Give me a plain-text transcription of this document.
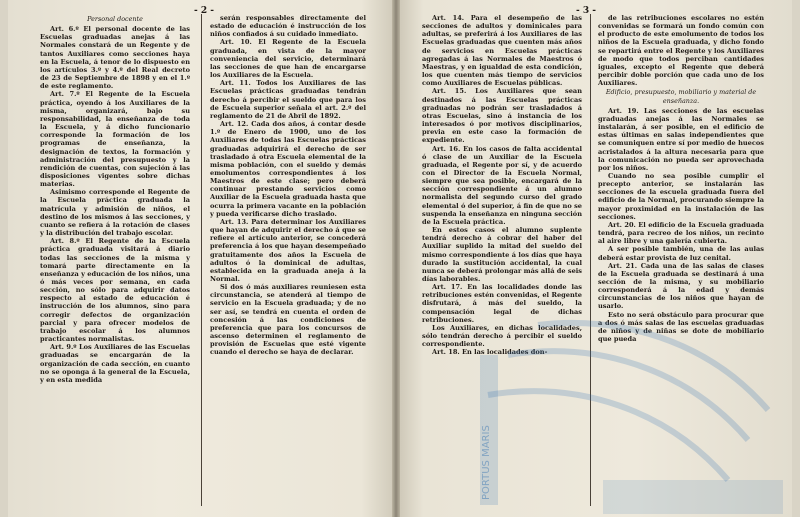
- 2 -

Personal docente

Art. 6.º El personal docente de las Escuelas graduadas anejas á las Normales constará de un Regente y de tantos Auxiliares como secciones haya en la Escuela, á tenor de lo dispuesto en los artículos 3.º y 4.º del Real decreto de 23 de Septiembre de 1898 y en el 1.º de este reglamento.

Art. 7.º El Regente de la Escuela práctica, oyendo á los Auxiliares de la misma, organizará, bajo su responsabilidad, la enseñanza de toda la Escuela, y á dicho funcionario corresponde la formación de los programas de enseñanza, la designación de textos, la formación y administración del presupuesto y la rendición de cuentas, con sujeción á las disposiciones vigentes sobre dichas materias.

Asimismo corresponde el Regente de la Escuela práctica graduada la matrícula y admisión de niños, el destino de los mismos á las secciones, y cuanto se refiera á la rotación de clases y la distribución del trabajo escolar.

Art. 8.º El Regente de la Escuela práctica graduada visitará á diario todas las secciones de la misma y tomará parte directamente en la enseñanza y educación de los niños, una ó más veces por semana, en cada sección, no sólo para adquirir datos respecto al estado de educación é instrucción de los alumnos, sino para corregir defectos de organización parcial y para ofrecer modelos de trabajo escolar á los alumnos practicantes normalistas.

Art. 9.º Los Auxiliares de las Escuelas graduadas se encargarán de la organización de cada sección, en cuanto no se oponga á la general de la Escuela, y en esta medida

serán responsables directamente del estado de educación é instrucción de los niños confiados á su cuidado inmediato.

Art. 10. El Regente de la Escuela graduada, en vista de la mayor conveniencia del servicio, determinará las secciones de que han de encargarse los Auxiliares de la Escuela.

Art. 11. Todos los Auxiliares de las Escuelas prácticas graduadas tendrán derecho á percibir el sueldo que para los de Escuela superior señala el art. 2.º del reglamento de 21 de Abril de 1892.

Art. 12. Cada dos años, á contar desde 1.º de Enero de 1900, uno de los Auxiliares de todas las Escuelas prácticas graduadas adquirirá el derecho de ser trasladado á otra Escuela elemental de la misma población, con el sueldo y demás emolumentos correspondientes á los Maestros de este clase; pero deberá continuar prestando servicios como Auxiliar de la Escuela graduada hasta que ocurra la primera vacante en la población y pueda verificarse dicho traslado.

Art. 13. Para determinar los Auxiliares que hayan de adquirir el derecho á que se refiere el artículo anterior, se concederá preferencia á los que hayan desempeñado gratuitamente dos años la Escuela de adultos ó la dominical de adultas, establecida en la graduada aneja á la Normal.

Si dos ó más auxiliares reuniesen esta circunstancia, se atenderá al tiempo de servicio en la Escuela graduada; y de no ser así, se tendrá en cuenta el orden de concesión á las condiciones de preferencia que para los concursos de ascenso determinen el reglamento de provisión de Escuelas que esté vigente cuando el derecho se haya de declarar.

- 3 -

Art. 14. Para el desempeño de las secciones de adultos y dominicales para adultas, se preferirá á los Auxiliares de las Escuelas graduadas que cuenten más años de servicios en Escuelas prácticas agregadas á las Normales de Maestros ó Maestras, y en igualdad de esta condición, los que cuenten más tiempo de servicios como Auxiliares de Escuelas públicas.

Art. 15. Los Auxiliares que sean destinados á las Escuelas prácticas graduadas no podrán ser trasladados á otras Escuelas, sino á instancia de los interesados ó por motivos disciplinarios, previa en este caso la formación de expediente.

Art. 16. En los casos de falta accidental ó clase de un Auxiliar de la Escuela graduada, el Regente por sí, y de acuerdo con el Director de la Escuela Normal, siempre que sea posible, encargará de la sección correspondiente á un alumno normalista del segundo curso del grado elemental ó del superior, á fin de que no se suspenda la enseñanza en ninguna sección de la Escuela práctica.

En estos casos el alumno suplente tendrá derecho á cobrar del haber del Auxiliar suplido la mitad del sueldo del mismo correspondiente á los días que haya durado la sustitución accidental, la cual nunca se deberá prolongar más allá de seis días laborables.

Art. 17. En las localidades donde las retribuciones estén convenidas, el Regente disfrutará, á más del sueldo, la compensación legal de dichas retribuciones.

Los Auxiliares, en dichas localidades, sólo tendrán derecho á percibir el sueldo correspondiente.

Art. 18. En las localidades don-

de las retribuciones escolares no estén convenidas se formará un fondo común con el producto de este emolumento de todos los niños de la Escuela graduada, y dicho fondo se repartirá entre el Regente y los Auxiliares de modo que todos perciban cantidades iguales, excepto el Regente que deberá percibir doble porción que cada uno de los Auxiliares.

Edificio, presupuesto, mobiliario y material de enseñanza.

Art. 19. Las secciones de las escuelas graduadas anejas á las Normales se instalarán, á ser posible, en el edificio de estas últimas en salas independientes que se comuniquen entre sí por medio de huecos acristalados á la altura necesaria para que la comunicación no pueda ser aprovechada por los niños.

Cuando no sea posible cumplir el precepto anterior, se instalarán las secciones de la escuela graduada fuera del edificio de la Normal, procurando siempre la mayor proximidad en la instalación de las secciones.

Art. 20. El edificio de la Escuela graduada tendrá, para recreo de los niños, un recinto al aire libre y una galería cubierta.

A ser posible también, una de las aulas deberá estar provista de luz cenital.

Art. 21. Cada una de las salas de clases de la Escuela graduada se destinará á una sección de la misma, y su mobiliario corresponderá á la edad y demás circunstancias de los niños que hayan de usarlo.

Esto no será obstáculo para procurar que a dos ó más salas de las escuelas graduadas de niños y de niñas se dote de mobiliario que pueda

PORTUS MARIS
